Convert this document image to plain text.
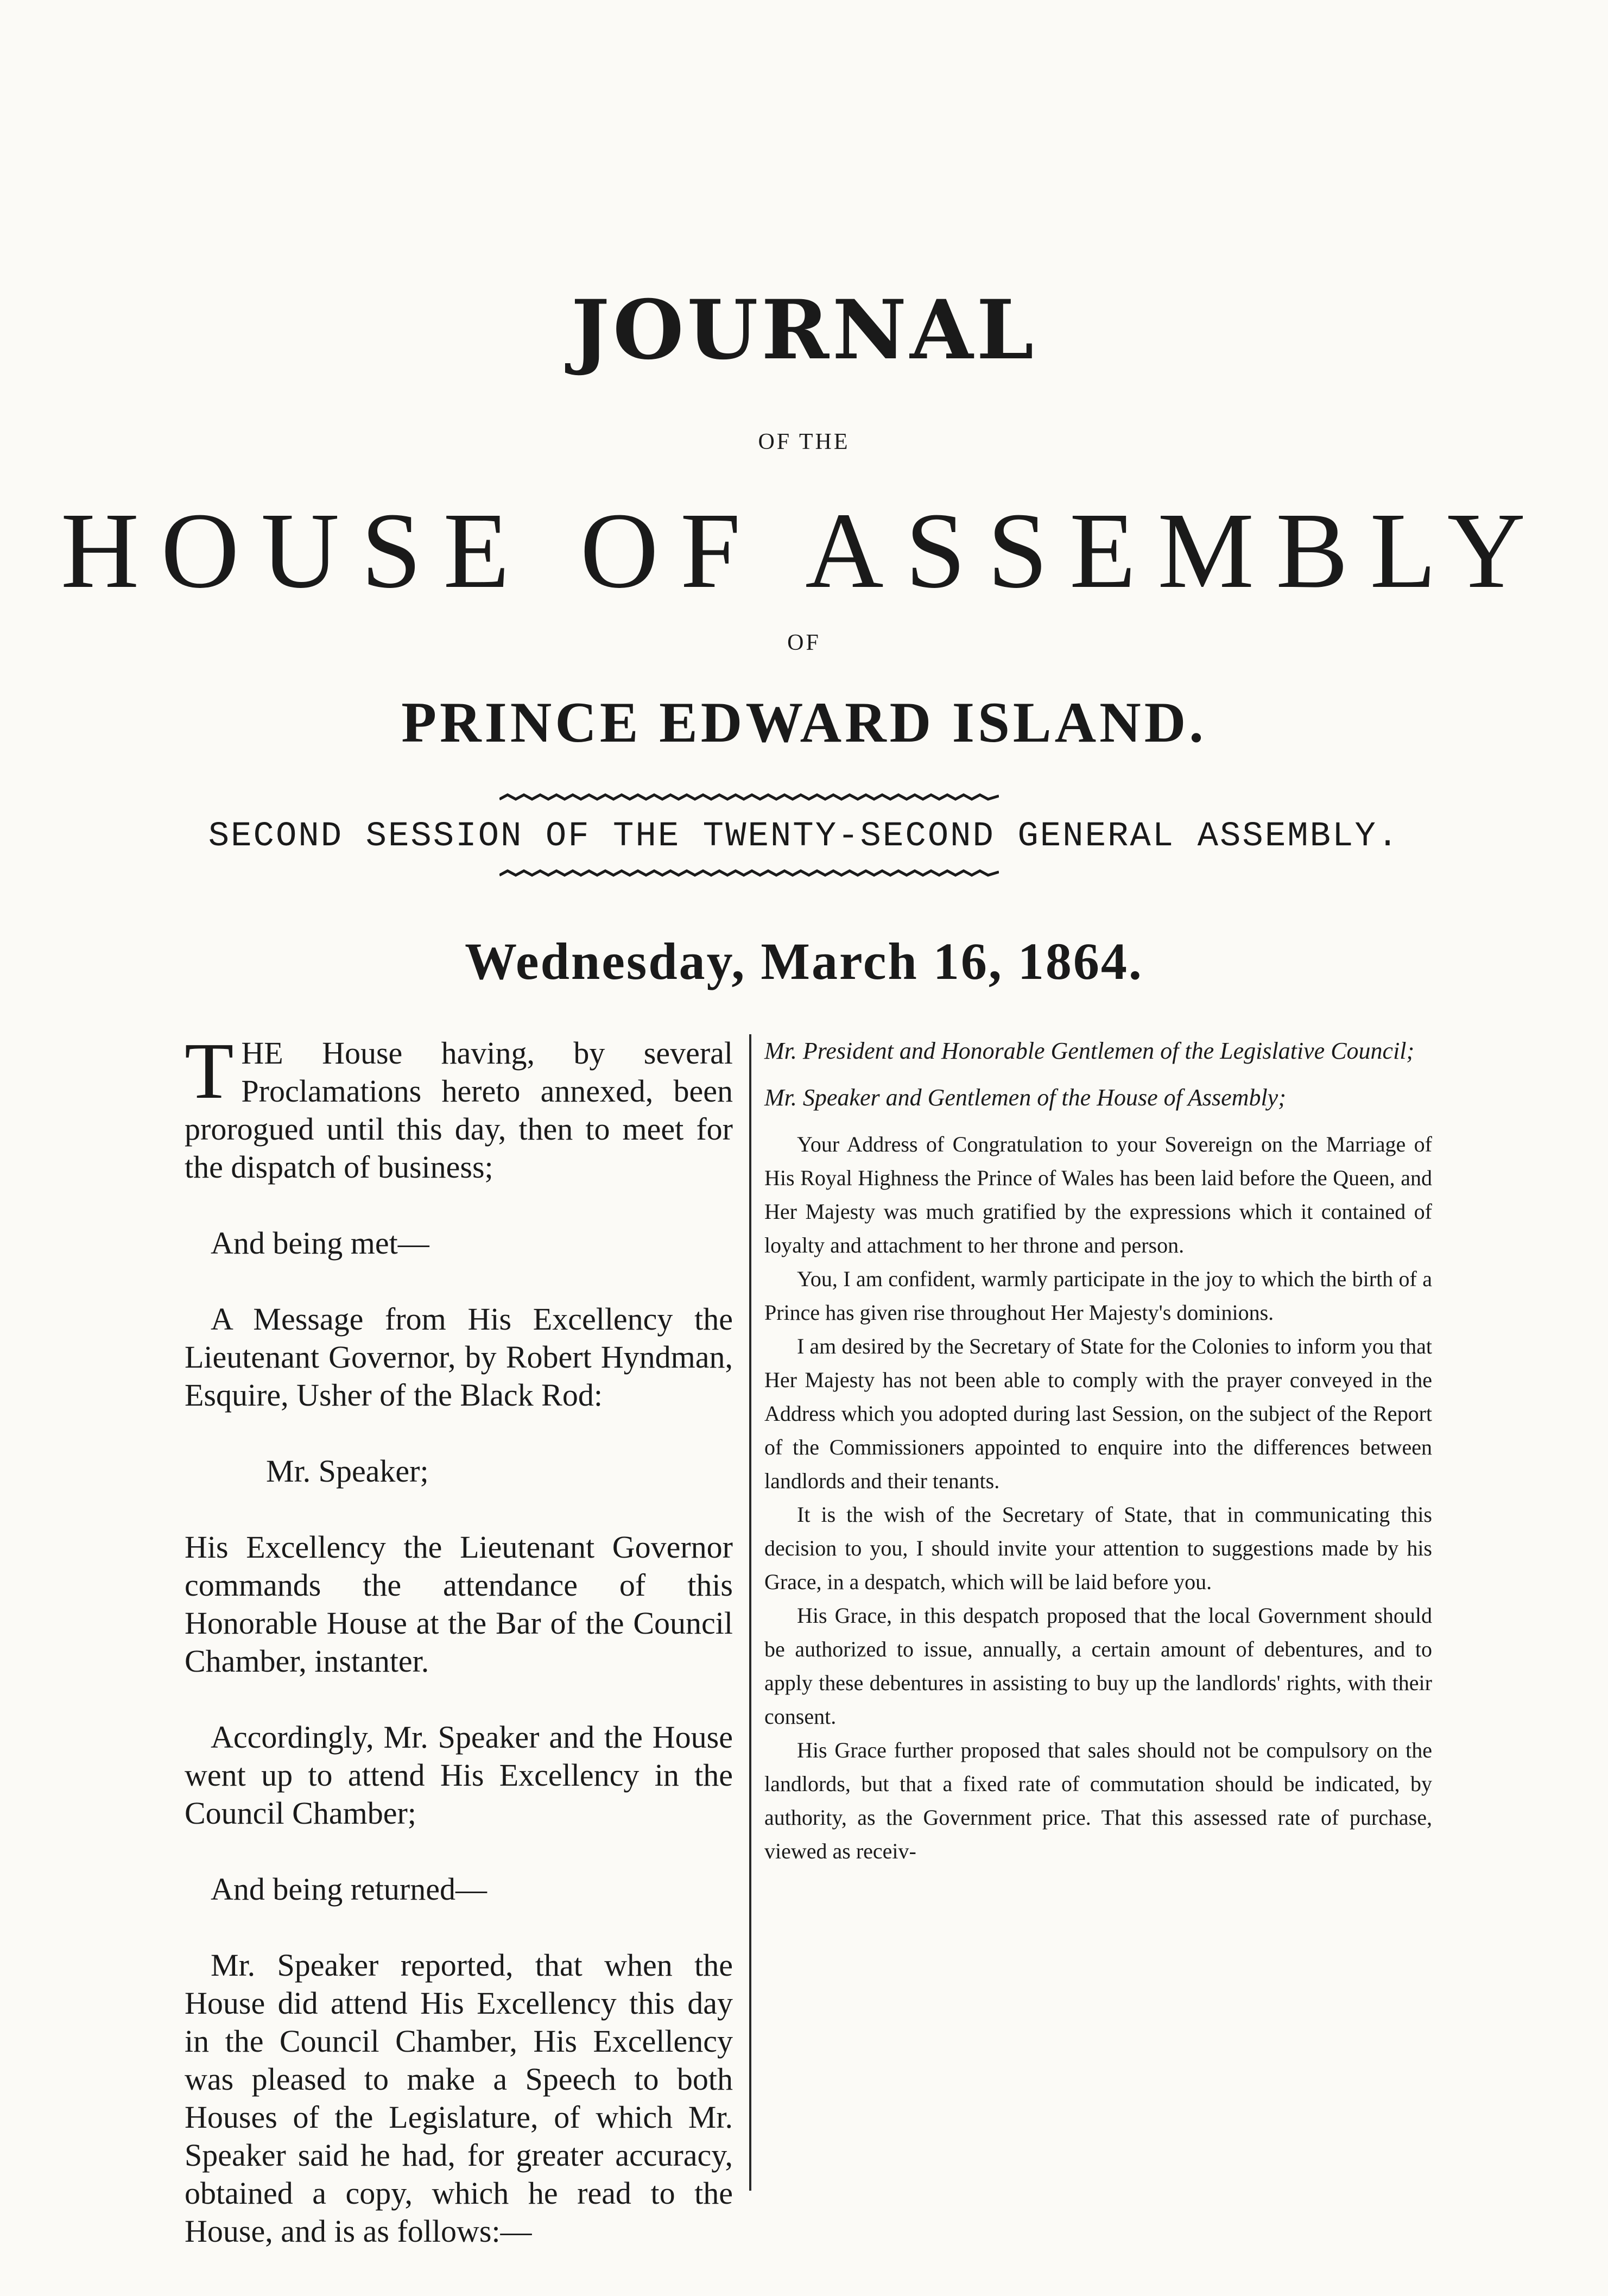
JOURNAL
OF THE
HOUSE OF ASSEMBLY
OF
PRINCE EDWARD ISLAND.
SECOND SESSION OF THE TWENTY-SECOND GENERAL ASSEMBLY.
Wednesday, March 16, 1864.

THE House having, by several Proclamations hereto annexed, been prorogued until this day, then to meet for the dispatch of business;

And being met—

A Message from His Excellency the Lieutenant Governor, by Robert Hyndman, Esquire, Usher of the Black Rod:

Mr. Speaker;

His Excellency the Lieutenant Governor commands the attendance of this Honorable House at the Bar of the Council Chamber, instanter.

Accordingly, Mr. Speaker and the House went up to attend His Excellency in the Council Chamber;

And being returned—

Mr. Speaker reported, that when the House did attend His Excellency this day in the Council Chamber, His Excellency was pleased to make a Speech to both Houses of the Legislature, of which Mr. Speaker said he had, for greater accuracy, obtained a copy, which he read to the House, and is as follows:—

Mr. President and Honorable Gentlemen of the Legislative Council;

Mr. Speaker and Gentlemen of the House of Assembly;

Your Address of Congratulation to your Sovereign on the Marriage of His Royal Highness the Prince of Wales has been laid before the Queen, and Her Majesty was much gratified by the expressions which it contained of loyalty and attachment to her throne and person.

You, I am confident, warmly participate in the joy to which the birth of a Prince has given rise throughout Her Majesty's dominions.

I am desired by the Secretary of State for the Colonies to inform you that Her Majesty has not been able to comply with the prayer conveyed in the Address which you adopted during last Session, on the subject of the Report of the Commissioners appointed to enquire into the differences between landlords and their tenants.

It is the wish of the Secretary of State, that in communicating this decision to you, I should invite your attention to suggestions made by his Grace, in a despatch, which will be laid before you.

His Grace, in this despatch proposed that the local Government should be authorized to issue, annually, a certain amount of debentures, and to apply these debentures in assisting to buy up the landlords' rights, with their consent.

His Grace further proposed that sales should not be compulsory on the landlords, but that a fixed rate of commutation should be indicated, by authority, as the Government price. That this assessed rate of purchase, viewed as receiv-
